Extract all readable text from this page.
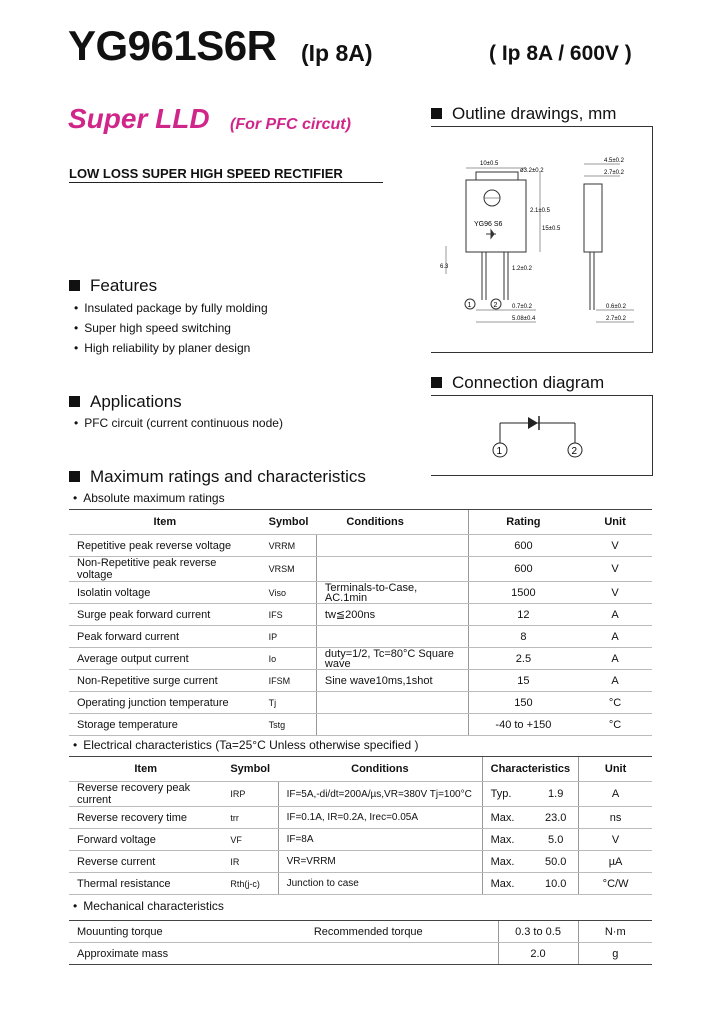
YG961S6R (Ip 8A)	( Ip 8A / 600V )
Super LLD (For PFC circut)
LOW LOSS SUPER HIGH SPEED RECTIFIER
Features
• Insulated package by fully molding
• Super high speed switching
• High reliability by planer design
Applications
• PFC circuit (current continuous node)
Outline drawings, mm
YG96 S6
1	2
10±0.5
ø3.2±0.2
15±0.5
2.1±0.5
6.3	1.2±0.2
0.7±0.2
5.08±0.4
4.5±0.2
2.7±0.2
0.6±0.2
2.7±0.2
Connection diagram
1	2
Maximum ratings and characteristics
• Absolute maximum ratings
Item	Symbol	Conditions	Rating	Unit
Repetitive peak reverse voltage	VRRM		600	V
Non-Repetitive peak reverse voltage	VRSM		600	V
Isolatin voltage	Viso	Terminals-to-Case, AC.1min	1500	V
Surge peak forward current	IFS	tw≦200ns	12	A
Peak forward current	IP		8	A
Average output current	Io	duty=1/2, Tc=80°C Square wave	2.5	A
Non-Repetitive surge current	IFSM	Sine wave10ms,1shot	15	A
Operating junction temperature	Tj		150	°C
Storage temperature	Tstg		-40 to +150	°C
• Electrical characteristics (Ta=25°C Unless otherwise specified )
Item	Symbol	Conditions	Characteristics		Unit
Reverse recovery peak current	IRP	IF=5A,-di/dt=200A/µs,VR=380V Tj=100°C	Typ.	1.9	A
Reverse recovery time	trr	IF=0.1A, IR=0.2A, Irec=0.05A	Max.	23.0	ns
Forward voltage	VF	IF=8A	Max.	5.0	V
Reverse current	IR	VR=VRRM	Max.	50.0	µA
Thermal resistance	Rth(j-c)	Junction to case	Max.	10.0	°C/W
• Mechanical characteristics
Mouunting torque	Recommended torque	0.3 to 0.5	N·m
Approximate mass		2.0	g
